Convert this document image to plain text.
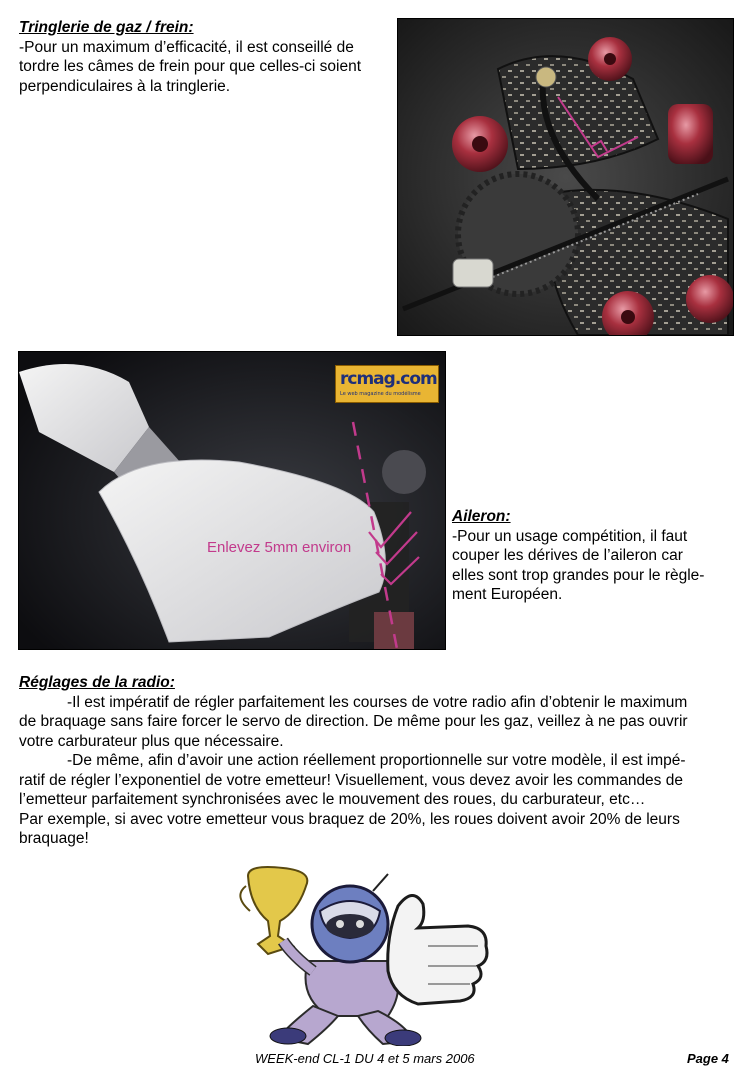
Tringlerie de gaz / frein:

-Pour un maximum d’efficacité, il est conseillé de

tordre les câmes de frein pour que celles-ci soient

perpendiculaires à la tringlerie.

rcmag.com
Le web magazine du modélisme
Enlevez 5mm environ
Aileron:

-Pour un usage compétition, il faut

couper les dérives de l’aileron car

elles sont trop grandes pour le règle-

ment Européen.

Réglages de la radio:

-Il est impératif de régler parfaitement les courses de votre radio afin d’obtenir le maximum

de braquage sans faire forcer le servo de direction. De même pour les gaz, veillez à ne pas ouvrir

votre carburateur plus que nécessaire.

-De même, afin d’avoir une action réellement proportionnelle sur votre modèle, il est impé-

ratif de régler l’exponentiel de votre emetteur! Visuellement, vous devez avoir les commandes de

l’emetteur parfaitement synchronisées avec le mouvement des roues, du carburateur, etc…

Par exemple, si avec votre emetteur vous braquez de 20%, les roues doivent avoir 20% de leurs

braquage!

WEEK-end CL-1 DU 4 et 5 mars 2006	Page 4
